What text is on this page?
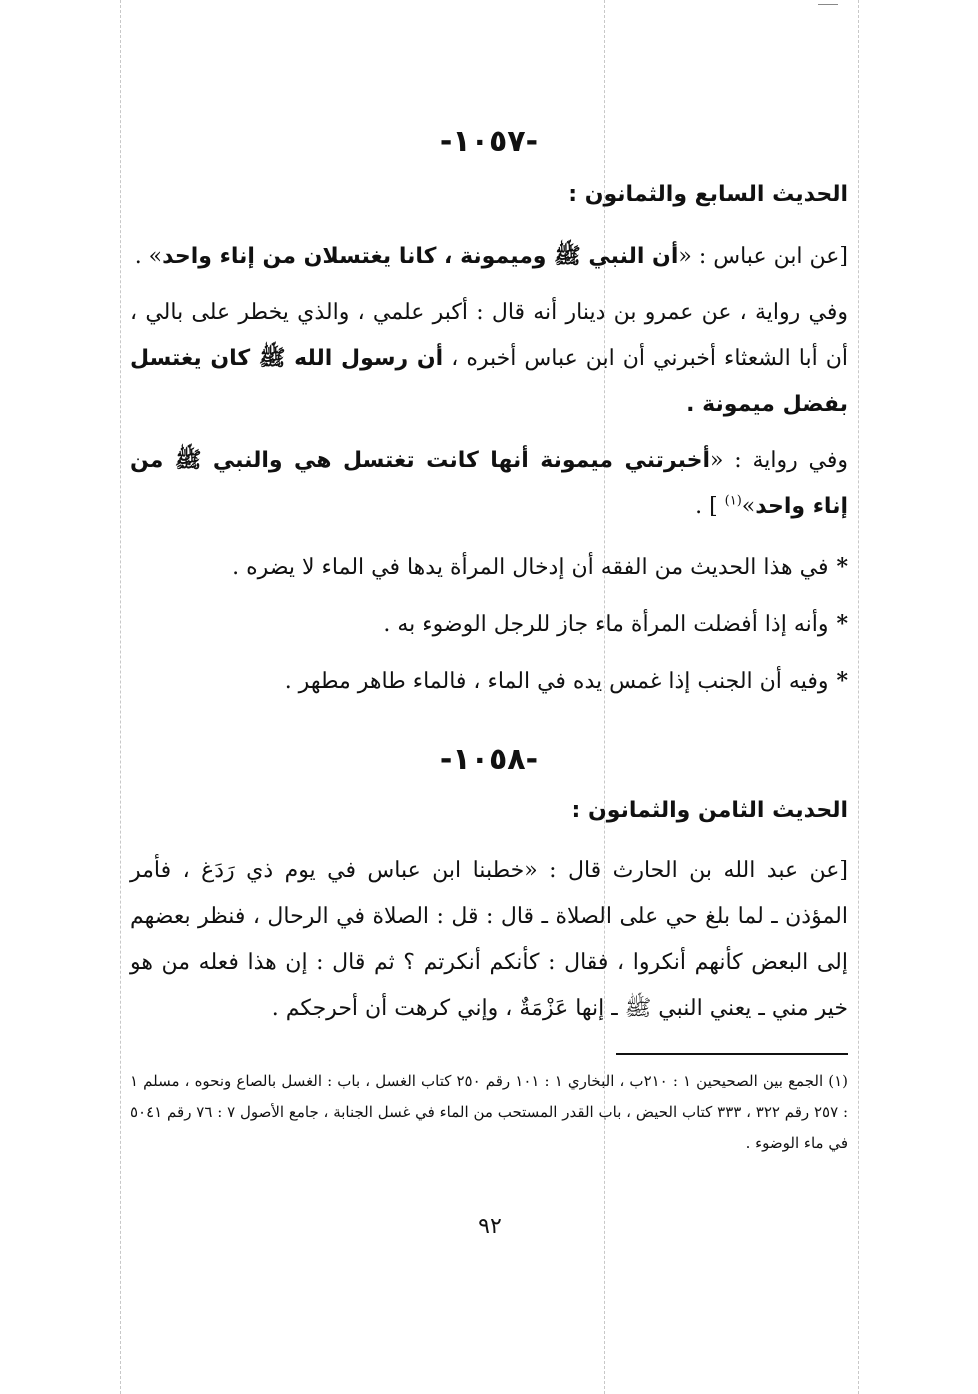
-١٠٥٧-
الحديث السابع والثمانون :

[عن ابن عباس : «أن النبي ﷺ وميمونة ، كانا يغتسلان من إناء واحد» .

وفي رواية ، عن عمرو بن دينار أنه قال : أكبر علمي ، والذي يخطر على بالي ، أن أبا الشعثاء أخبرني أن ابن عباس أخبره ، أن رسول الله ﷺ كان يغتسل بفضل ميمونة .

وفي رواية : «أخبرتني ميمونة أنها كانت تغتسل هي والنبي ﷺ من إناء واحد»$^{(١)}$ ] .

*في هذا الحديث من الفقه أن إدخال المرأة يدها في الماء لا يضره .

*وأنه إذا أفضلت المرأة ماء جاز للرجل الوضوء به .

*وفيه أن الجنب إذا غمس يده في الماء ، فالماء طاهر مطهر .

-١٠٥٨-
الحديث الثامن والثمانون :

[عن عبد الله بن الحارث قال : «خطبنا ابن عباس في يوم ذي رَدَغ ، فأمر المؤذن ـ لما بلغ حي على الصلاة ـ قال : قل : الصلاة في الرحال ، فنظر بعضهم إلى البعض كأنهم أنكروا ، فقال : كأنكم أنكرتم ؟ ثم قال : إن هذا فعله من هو خير مني ـ يعني النبي ﷺ ـ إنها عَزْمَةٌ ، وإني كرهت أن أحرجكم .

(١) الجمع بين الصحيحين ١ : ٢١٠ب ، البخاري ١ : ١٠١ رقم ٢٥٠ كتاب الغسل ، باب : الغسل بالصاع ونحوه ، مسلم ١ : ٢٥٧ رقم ٣٢٢ ، ٣٣٣ كتاب الحيض ، باب القدر المستحب من الماء في غسل الجنابة ، جامع الأصول ٧ : ٧٦ رقم ٥٠٤١ في ماء الوضوء .
٩٢
